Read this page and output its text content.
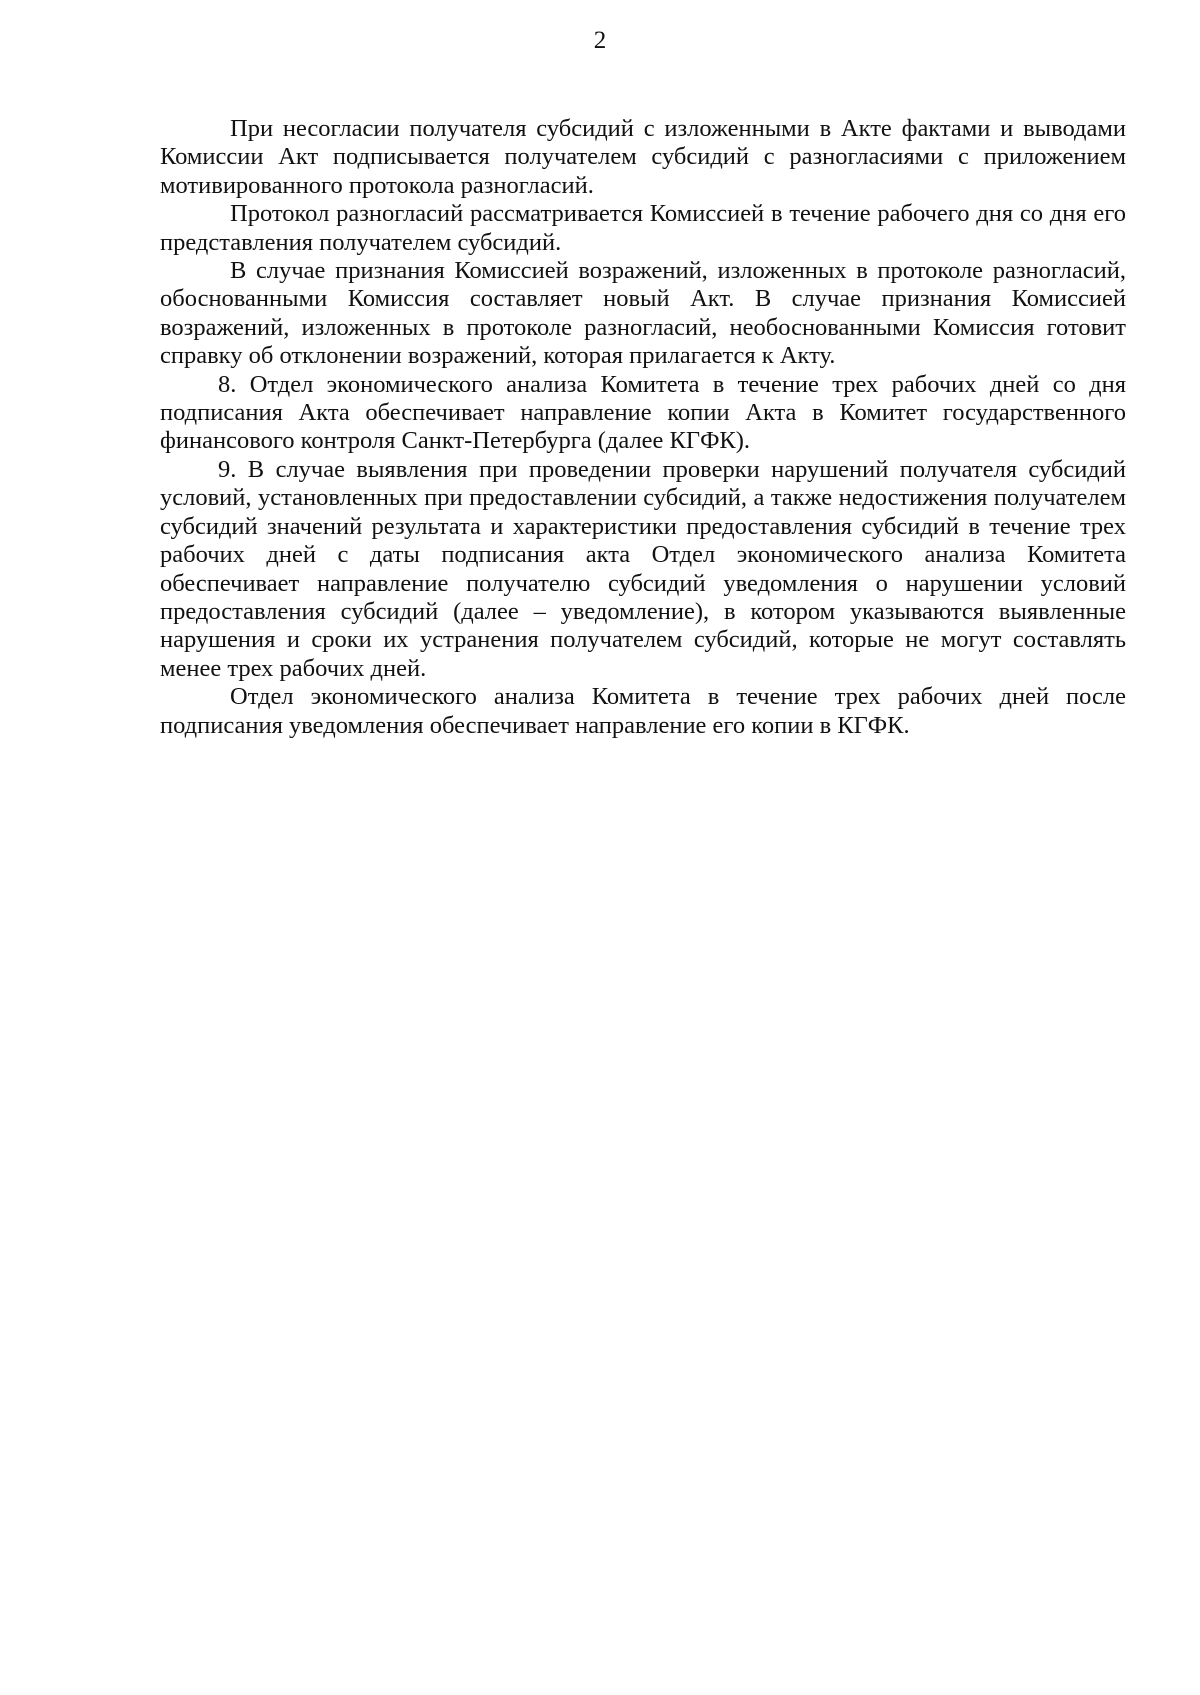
2

При несогласии получателя субсидий с изложенными в Акте фактами и выводами Комиссии Акт подписывается получателем субсидий с разногласиями с приложением мотивированного протокола разногласий.

Протокол разногласий рассматривается Комиссией в течение рабочего дня со дня его представления получателем субсидий.

В случае признания Комиссией возражений, изложенных в протоколе разногласий, обоснованными Комиссия составляет новый Акт. В случае признания Комиссией возражений, изложенных в протоколе разногласий, необоснованными Комиссия готовит справку об отклонении возражений, которая прилагается к Акту.

8. Отдел экономического анализа Комитета в течение трех рабочих дней со дня подписания Акта обеспечивает направление копии Акта в Комитет государственного финансового контроля Санкт-Петербурга (далее КГФК).

9. В случае выявления при проведении проверки нарушений получателя субсидий условий, установленных при предоставлении субсидий, а также недостижения получателем субсидий значений результата и характеристики предоставления субсидий в течение трех рабочих дней с даты подписания акта Отдел экономического анализа Комитета обеспечивает направление получателю субсидий уведомления о нарушении условий предоставления субсидий (далее – уведомление), в котором указываются выявленные нарушения и сроки их устранения получателем субсидий, которые не могут составлять менее трех рабочих дней.

Отдел экономического анализа Комитета в течение трех рабочих дней после подписания уведомления обеспечивает направление его копии в КГФК.
